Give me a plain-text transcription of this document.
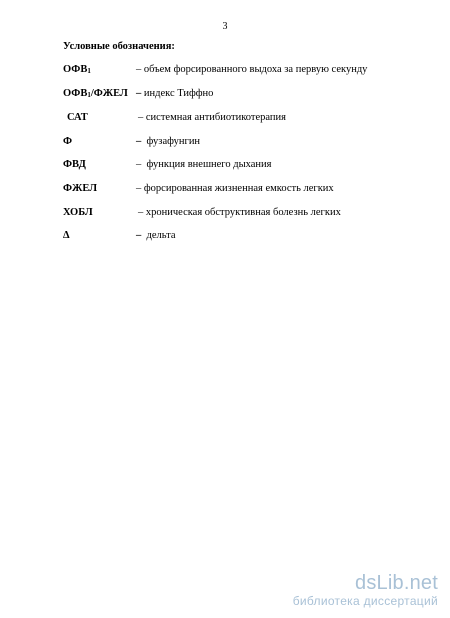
3
Условные обозначения:
$ОФВ_1$	– объем форсированного выдоха за первую секунду
$ОФВ_1$/ФЖЕЛ – индекс Тиффно
САТ	– системная антибиотикотерапия
Ф	– фузафунгин
ФВД	– функция внешнего дыхания
ФЖЕЛ	– форсированная жизненная емкость легких
ХОБЛ	– хроническая обструктивная болезнь легких
Δ	– дельта
dsLib.net
библиотека диссертаций
